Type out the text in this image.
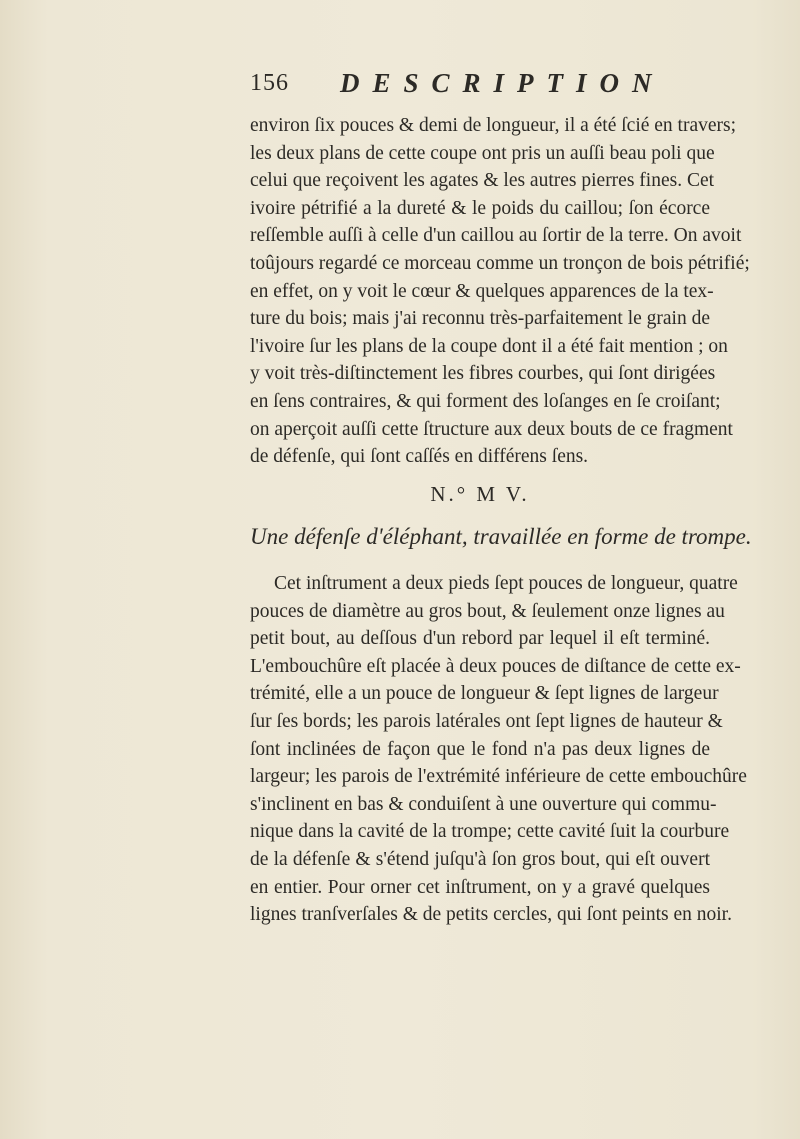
156 DESCRIPTION
environ ſix pouces & demi de longueur, il a été ſcié en travers;
les deux plans de cette coupe ont pris un auſſi beau poli que
celui que reçoivent les agates & les autres pierres fines. Cet
ivoire pétrifié a la dureté & le poids du caillou; ſon écorce
reſſemble auſſi à celle d'un caillou au ſortir de la terre. On avoit
toûjours regardé ce morceau comme un tronçon de bois pétrifié;
en effet, on y voit le cœur & quelques apparences de la tex-
ture du bois; mais j'ai reconnu très-parfaitement le grain de
l'ivoire ſur les plans de la coupe dont il a été fait mention ; on
y voit très-diſtinctement les fibres courbes, qui ſont dirigées
en ſens contraires, & qui forment des loſanges en ſe croiſant;
on aperçoit auſſi cette ſtructure aux deux bouts de ce fragment
de défenſe, qui ſont caſſés en différens ſens.
N.° M V.
Une défenſe d'éléphant, travaillée en forme de trompe.
Cet inſtrument a deux pieds ſept pouces de longueur, quatre
pouces de diamètre au gros bout, & ſeulement onze lignes au
petit bout, au deſſous d'un rebord par lequel il eſt terminé.
L'embouchûre eſt placée à deux pouces de diſtance de cette ex-
trémité, elle a un pouce de longueur & ſept lignes de largeur
ſur ſes bords; les parois latérales ont ſept lignes de hauteur &
ſont inclinées de façon que le fond n'a pas deux lignes de
largeur; les parois de l'extrémité inférieure de cette embouchûre
s'inclinent en bas & conduiſent à une ouverture qui commu-
nique dans la cavité de la trompe; cette cavité ſuit la courbure
de la défenſe & s'étend juſqu'à ſon gros bout, qui eſt ouvert
en entier. Pour orner cet inſtrument, on y a gravé quelques
lignes tranſverſales & de petits cercles, qui ſont peints en noir.
